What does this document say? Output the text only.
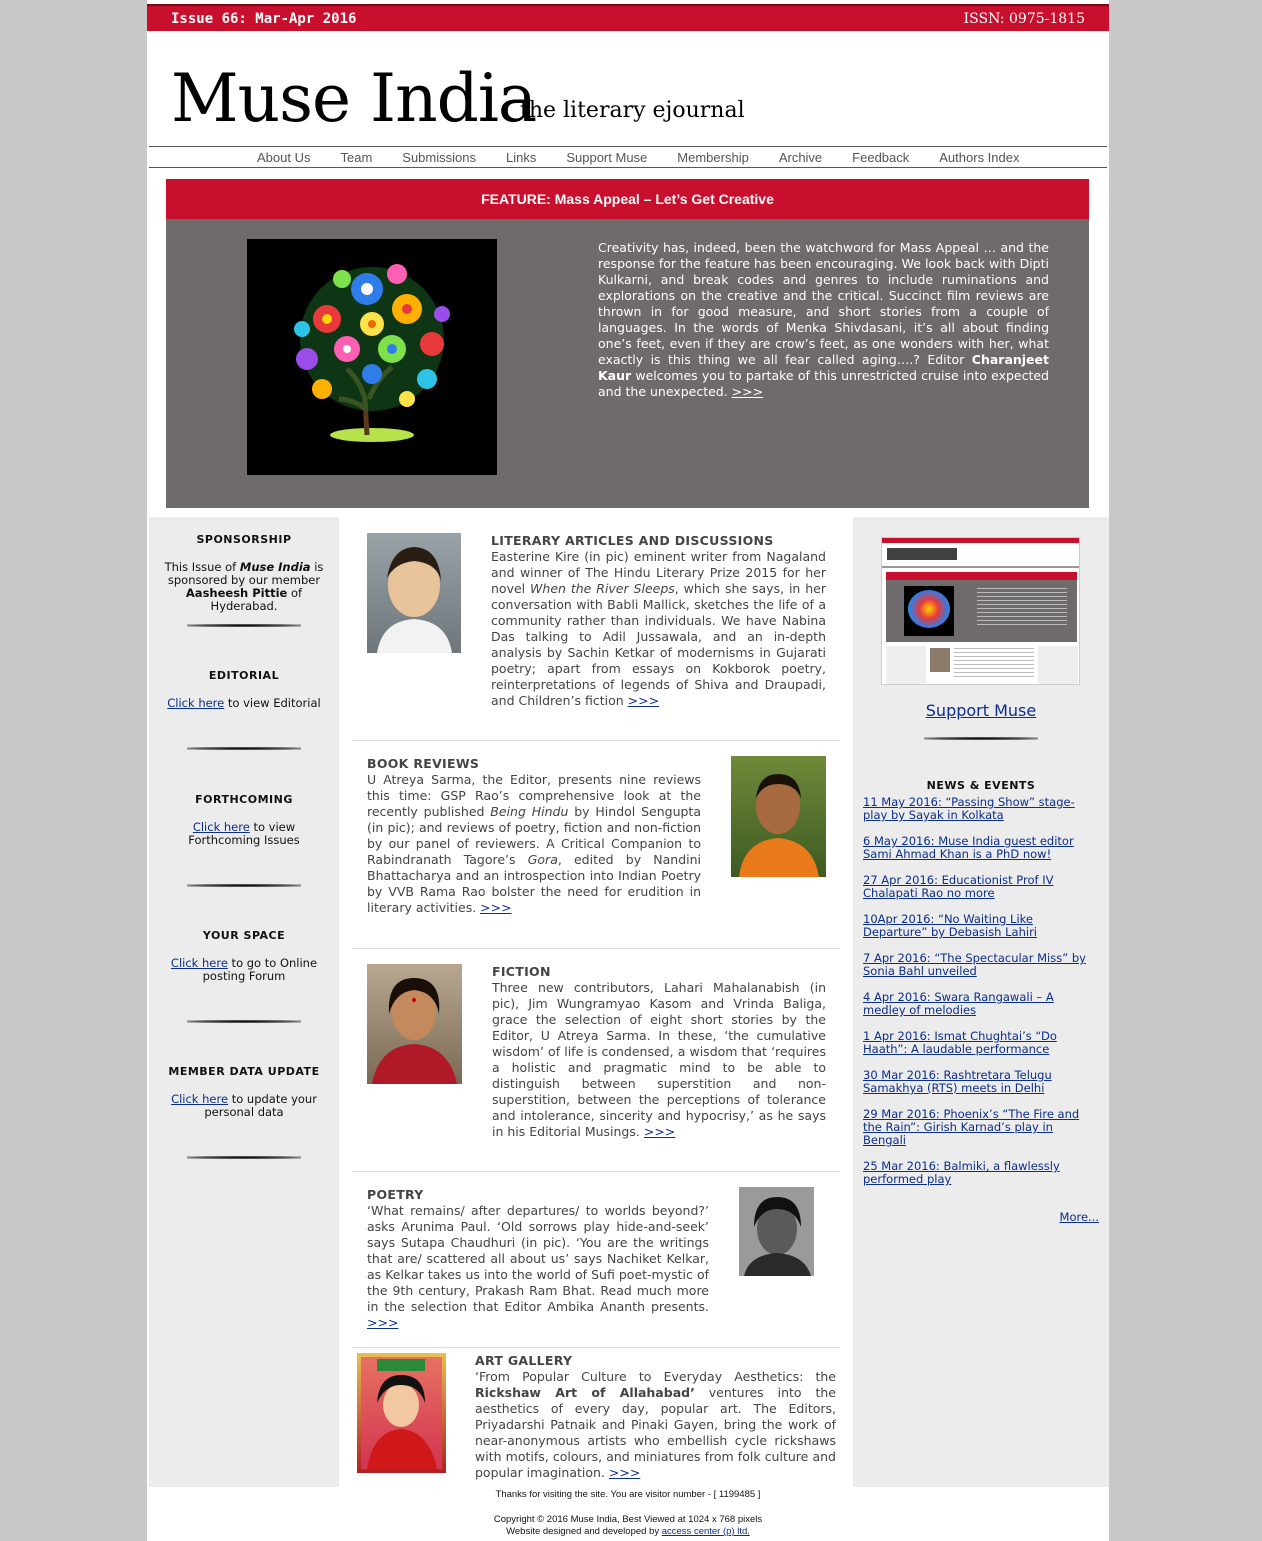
Issue 66: Mar-Apr 2016	ISSN: 0975-1815
Muse India
the literary ejournal
About Us Team Submissions Links Support Muse Membership Archive Feedback Authors Index
FEATURE: Mass Appeal – Let’s Get Creative
Creativity has, indeed, been the watchword for Mass Appeal … and the response for the feature has been encouraging. We look back with Dipti Kulkarni, and break codes and genres to include ruminations and explorations on the creative and the critical. Succinct film reviews are thrown in for good measure, and short stories from a couple of languages. In the words of Menka Shivdasani, it’s all about finding one’s feet, even if they are crow’s feet, as one wonders with her, what exactly is this thing we all fear called aging….? Editor Charanjeet Kaur welcomes you to partake of this unrestricted cruise into expected and the unexpected. >>>
SPONSORSHIP

This Issue of Muse India is sponsored by our member Aasheesh Pittie of Hyderabad.

EDITORIAL

Click here to view Editorial

FORTHCOMING

Click here to view Forthcoming Issues

YOUR SPACE

Click here to go to Online posting Forum

MEMBER DATA UPDATE

Click here to update your personal data

LITERARY ARTICLES AND DISCUSSIONS

Easterine Kire (in pic) eminent writer from Nagaland and winner of The Hindu Literary Prize 2015 for her novel When the River Sleeps, which she says, in her conversation with Babli Mallick, sketches the life of a community rather than individuals. We have Nabina Das talking to Adil Jussawala, and an in-depth analysis by Sachin Ketkar of modernisms in Gujarati poetry; apart from essays on Kokborok poetry, reinterpretations of legends of Shiva and Draupadi, and Children’s fiction >>>

BOOK REVIEWS

U Atreya Sarma, the Editor, presents nine reviews this time: GSP Rao’s comprehensive look at the recently published Being Hindu by Hindol Sengupta (in pic); and reviews of poetry, fiction and non-fiction by our panel of reviewers. A Critical Companion to Rabindranath Tagore’s Gora, edited by Nandini Bhattacharya and an introspection into Indian Poetry by VVB Rama Rao bolster the need for erudition in literary activities. >>>

FICTION

Three new contributors, Lahari Mahalanabish (in pic), Jim Wungramyao Kasom and Vrinda Baliga, grace the selection of eight short stories by the Editor, U Atreya Sarma. In these, ‘the cumulative wisdom’ of life is condensed, a wisdom that ‘requires a holistic and pragmatic mind to be able to distinguish between superstition and non-superstition, between the perceptions of tolerance and intolerance, sincerity and hypocrisy,’ as he says in his Editorial Musings. >>>

POETRY

‘What remains/ after departures/ to worlds beyond?’ asks Arunima Paul. ‘Old sorrows play hide-and-seek’ says Sutapa Chaudhuri (in pic). ‘You are the writings that are/ scattered all about us’ says Nachiket Kelkar, as Kelkar takes us into the world of Sufi poet-mystic of the 9th century, Prakash Ram Bhat. Read much more in the selection that Editor Ambika Ananth presents. >>>

ART GALLERY

‘From Popular Culture to Everyday Aesthetics: the Rickshaw Art of Allahabad’ ventures into the aesthetics of every day, popular art. The Editors, Priyadarshi Patnaik and Pinaki Gayen, bring the work of near-anonymous artists who embellish cycle rickshaws with motifs, colours, and miniatures from folk culture and popular imagination. >>>

Support Muse
NEWS & EVENTS
11 May 2016: “Passing Show” stage-play by Sayak in Kolkata
6 May 2016: Muse India guest editor Sami Ahmad Khan is a PhD now!
27 Apr 2016: Educationist Prof IV Chalapati Rao no more
10Apr 2016: “No Waiting Like Departure” by Debasish Lahiri
7 Apr 2016: “The Spectacular Miss” by Sonia Bahl unveiled
4 Apr 2016: Swara Rangawali – A medley of melodies
1 Apr 2016: Ismat Chughtai’s “Do Haath”: A laudable performance
30 Mar 2016: Rashtretara Telugu Samakhya (RTS) meets in Delhi
29 Mar 2016: Phoenix’s “The Fire and the Rain”: Girish Karnad’s play in Bengali
25 Mar 2016: Balmiki, a flawlessly performed play
More...

Thanks for visiting the site. You are visitor number - [ 1199485 ]

Copyright © 2016 Muse India, Best Viewed at 1024 x 768 pixels

Website designed and developed by access center (p) ltd.
